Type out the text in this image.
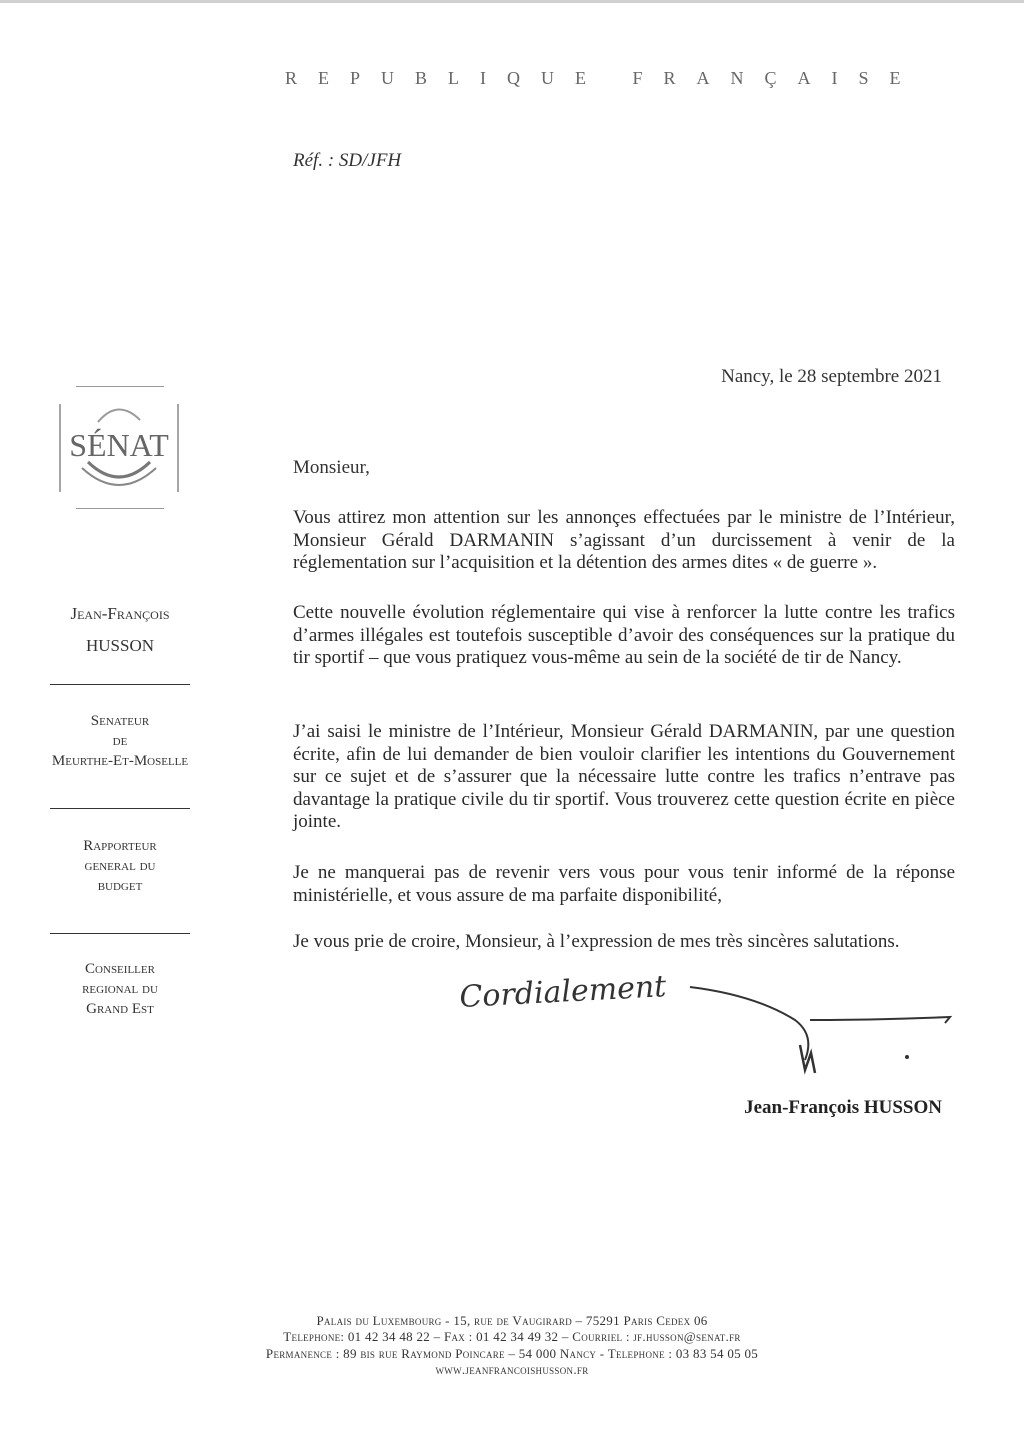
REPUBLIQUE FRANÇAISE
Réf. : SD/JFH
Nancy, le 28 septembre 2021
SÉNAT
Jean-François
HUSSON
Senateur
de
Meurthe-Et-Moselle
Rapporteur
general du
budget
Conseiller
regional du
Grand Est
Monsieur,
Vous attirez mon attention sur les annonçes effectuées par le ministre de l’Intérieur, Monsieur Gérald DARMANIN s’agissant d’un durcissement à venir de la réglementation sur l’acquisition et la détention des armes dites « de guerre ».
Cette nouvelle évolution réglementaire qui vise à renforcer la lutte contre les trafics d’armes illégales est toutefois susceptible d’avoir des conséquences sur la pratique du tir sportif – que vous pratiquez vous-même au sein de la société de tir de Nancy.
J’ai saisi le ministre de l’Intérieur, Monsieur Gérald DARMANIN, par une question écrite, afin de lui demander de bien vouloir clarifier les intentions du Gouvernement sur ce sujet et de s’assurer que la nécessaire lutte contre les trafics n’entrave pas davantage la pratique civile du tir sportif. Vous trouverez cette question écrite en pièce jointe.
Je ne manquerai pas de revenir vers vous pour vous tenir informé de la réponse ministérielle, et vous assure de ma parfaite disponibilité,
Je vous prie de croire, Monsieur, à l’expression de mes très sincères salutations.
Cordialement
Jean-François HUSSON
Palais du Luxembourg - 15, rue de Vaugirard – 75291 Paris Cedex 06
Telephone: 01 42 34 48 22 – Fax : 01 42 34 49 32 – Courriel : jf.husson@senat.fr
Permanence : 89 bis rue Raymond Poincare – 54 000 Nancy - Telephone : 03 83 54 05 05
www.jeanfrancoishusson.fr
